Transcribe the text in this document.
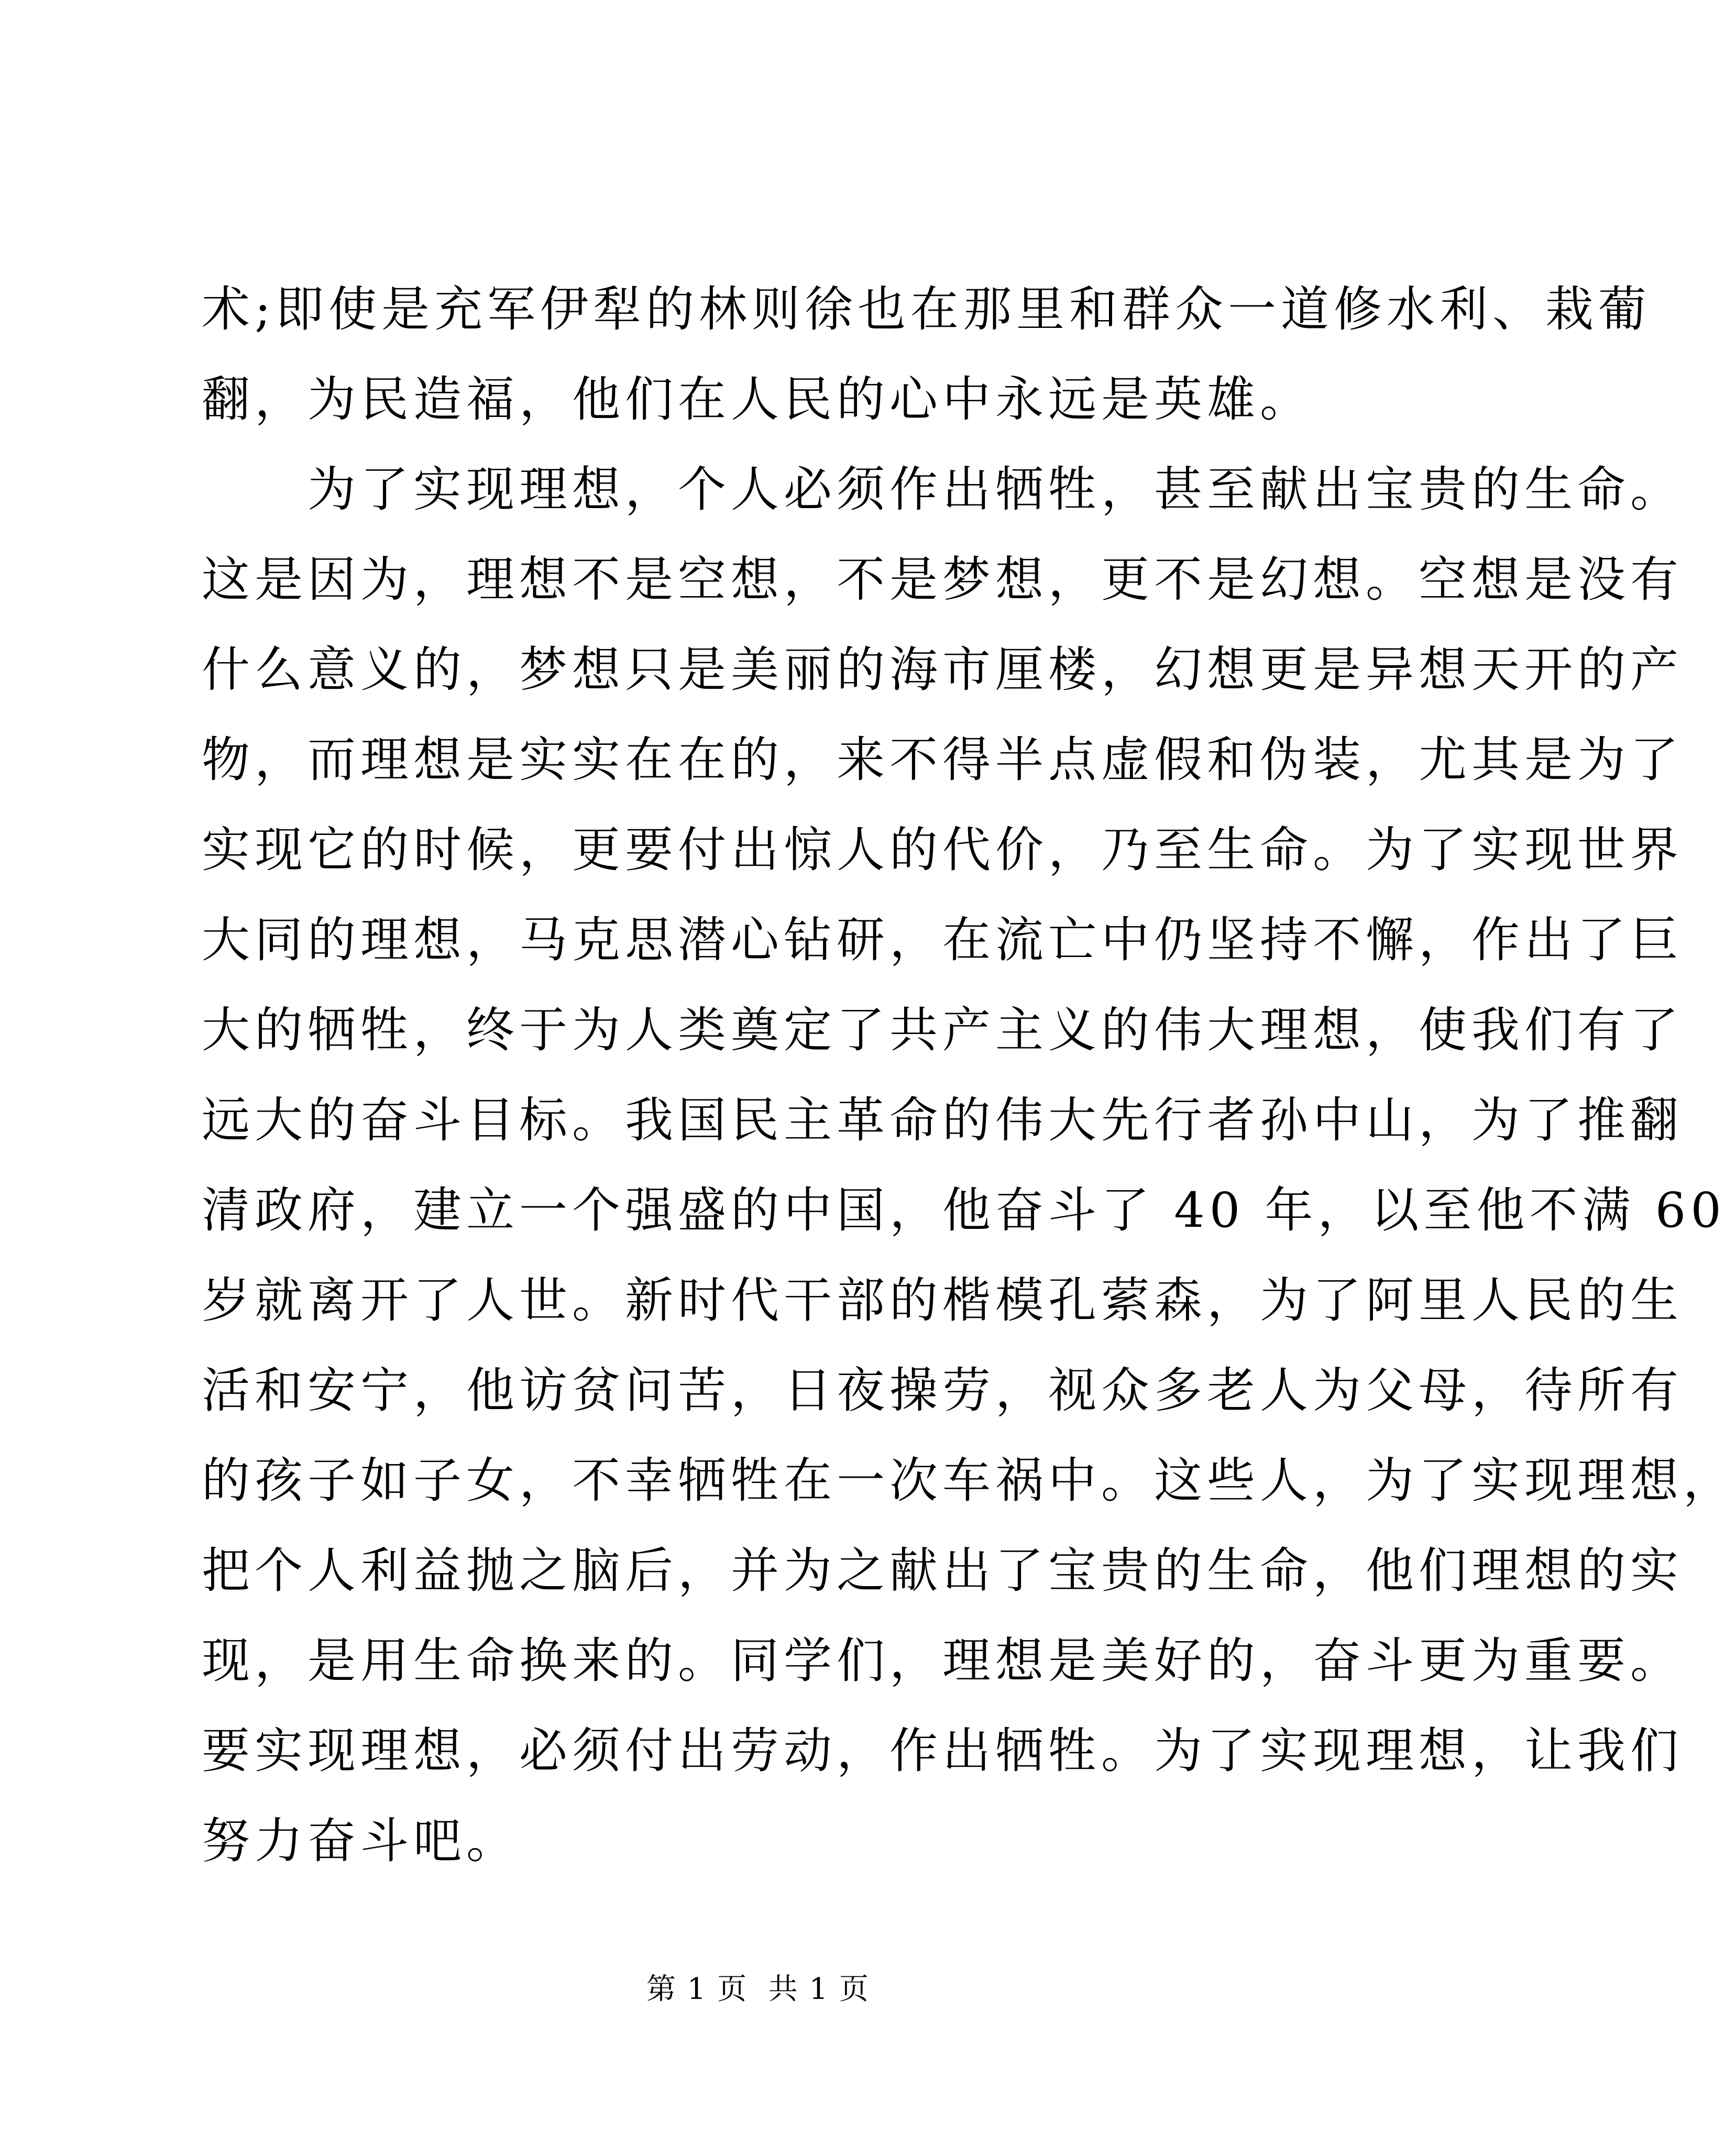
术;即使是充军伊犁的林则徐也在那里和群众一道修水利、栽葡
翻，为民造福，他们在人民的心中永远是英雄。
　　为了实现理想，个人必须作出牺牲，甚至献出宝贵的生命。
这是因为，理想不是空想，不是梦想，更不是幻想。空想是没有
什么意义的，梦想只是美丽的海市厘楼，幻想更是异想天开的产
物，而理想是实实在在的，来不得半点虚假和伪装，尤其是为了
实现它的时候，更要付出惊人的代价，乃至生命。为了实现世界
大同的理想，马克思潜心钻研，在流亡中仍坚持不懈，作出了巨
大的牺牲，终于为人类奠定了共产主义的伟大理想，使我们有了
远大的奋斗目标。我国民主革命的伟大先行者孙中山，为了推翻
清政府，建立一个强盛的中国，他奋斗了 40 年，以至他不满 60
岁就离开了人世。新时代干部的楷模孔萦森，为了阿里人民的生
活和安宁，他访贫问苦，日夜操劳，视众多老人为父母，待所有
的孩子如子女，不幸牺牲在一次车祸中。这些人，为了实现理想，
把个人利益抛之脑后，并为之献出了宝贵的生命，他们理想的实
现，是用生命换来的。同学们，理想是美好的，奋斗更为重要。
要实现理想，必须付出劳动，作出牺牲。为了实现理想，让我们
努力奋斗吧。
第 1 页  共 1 页
